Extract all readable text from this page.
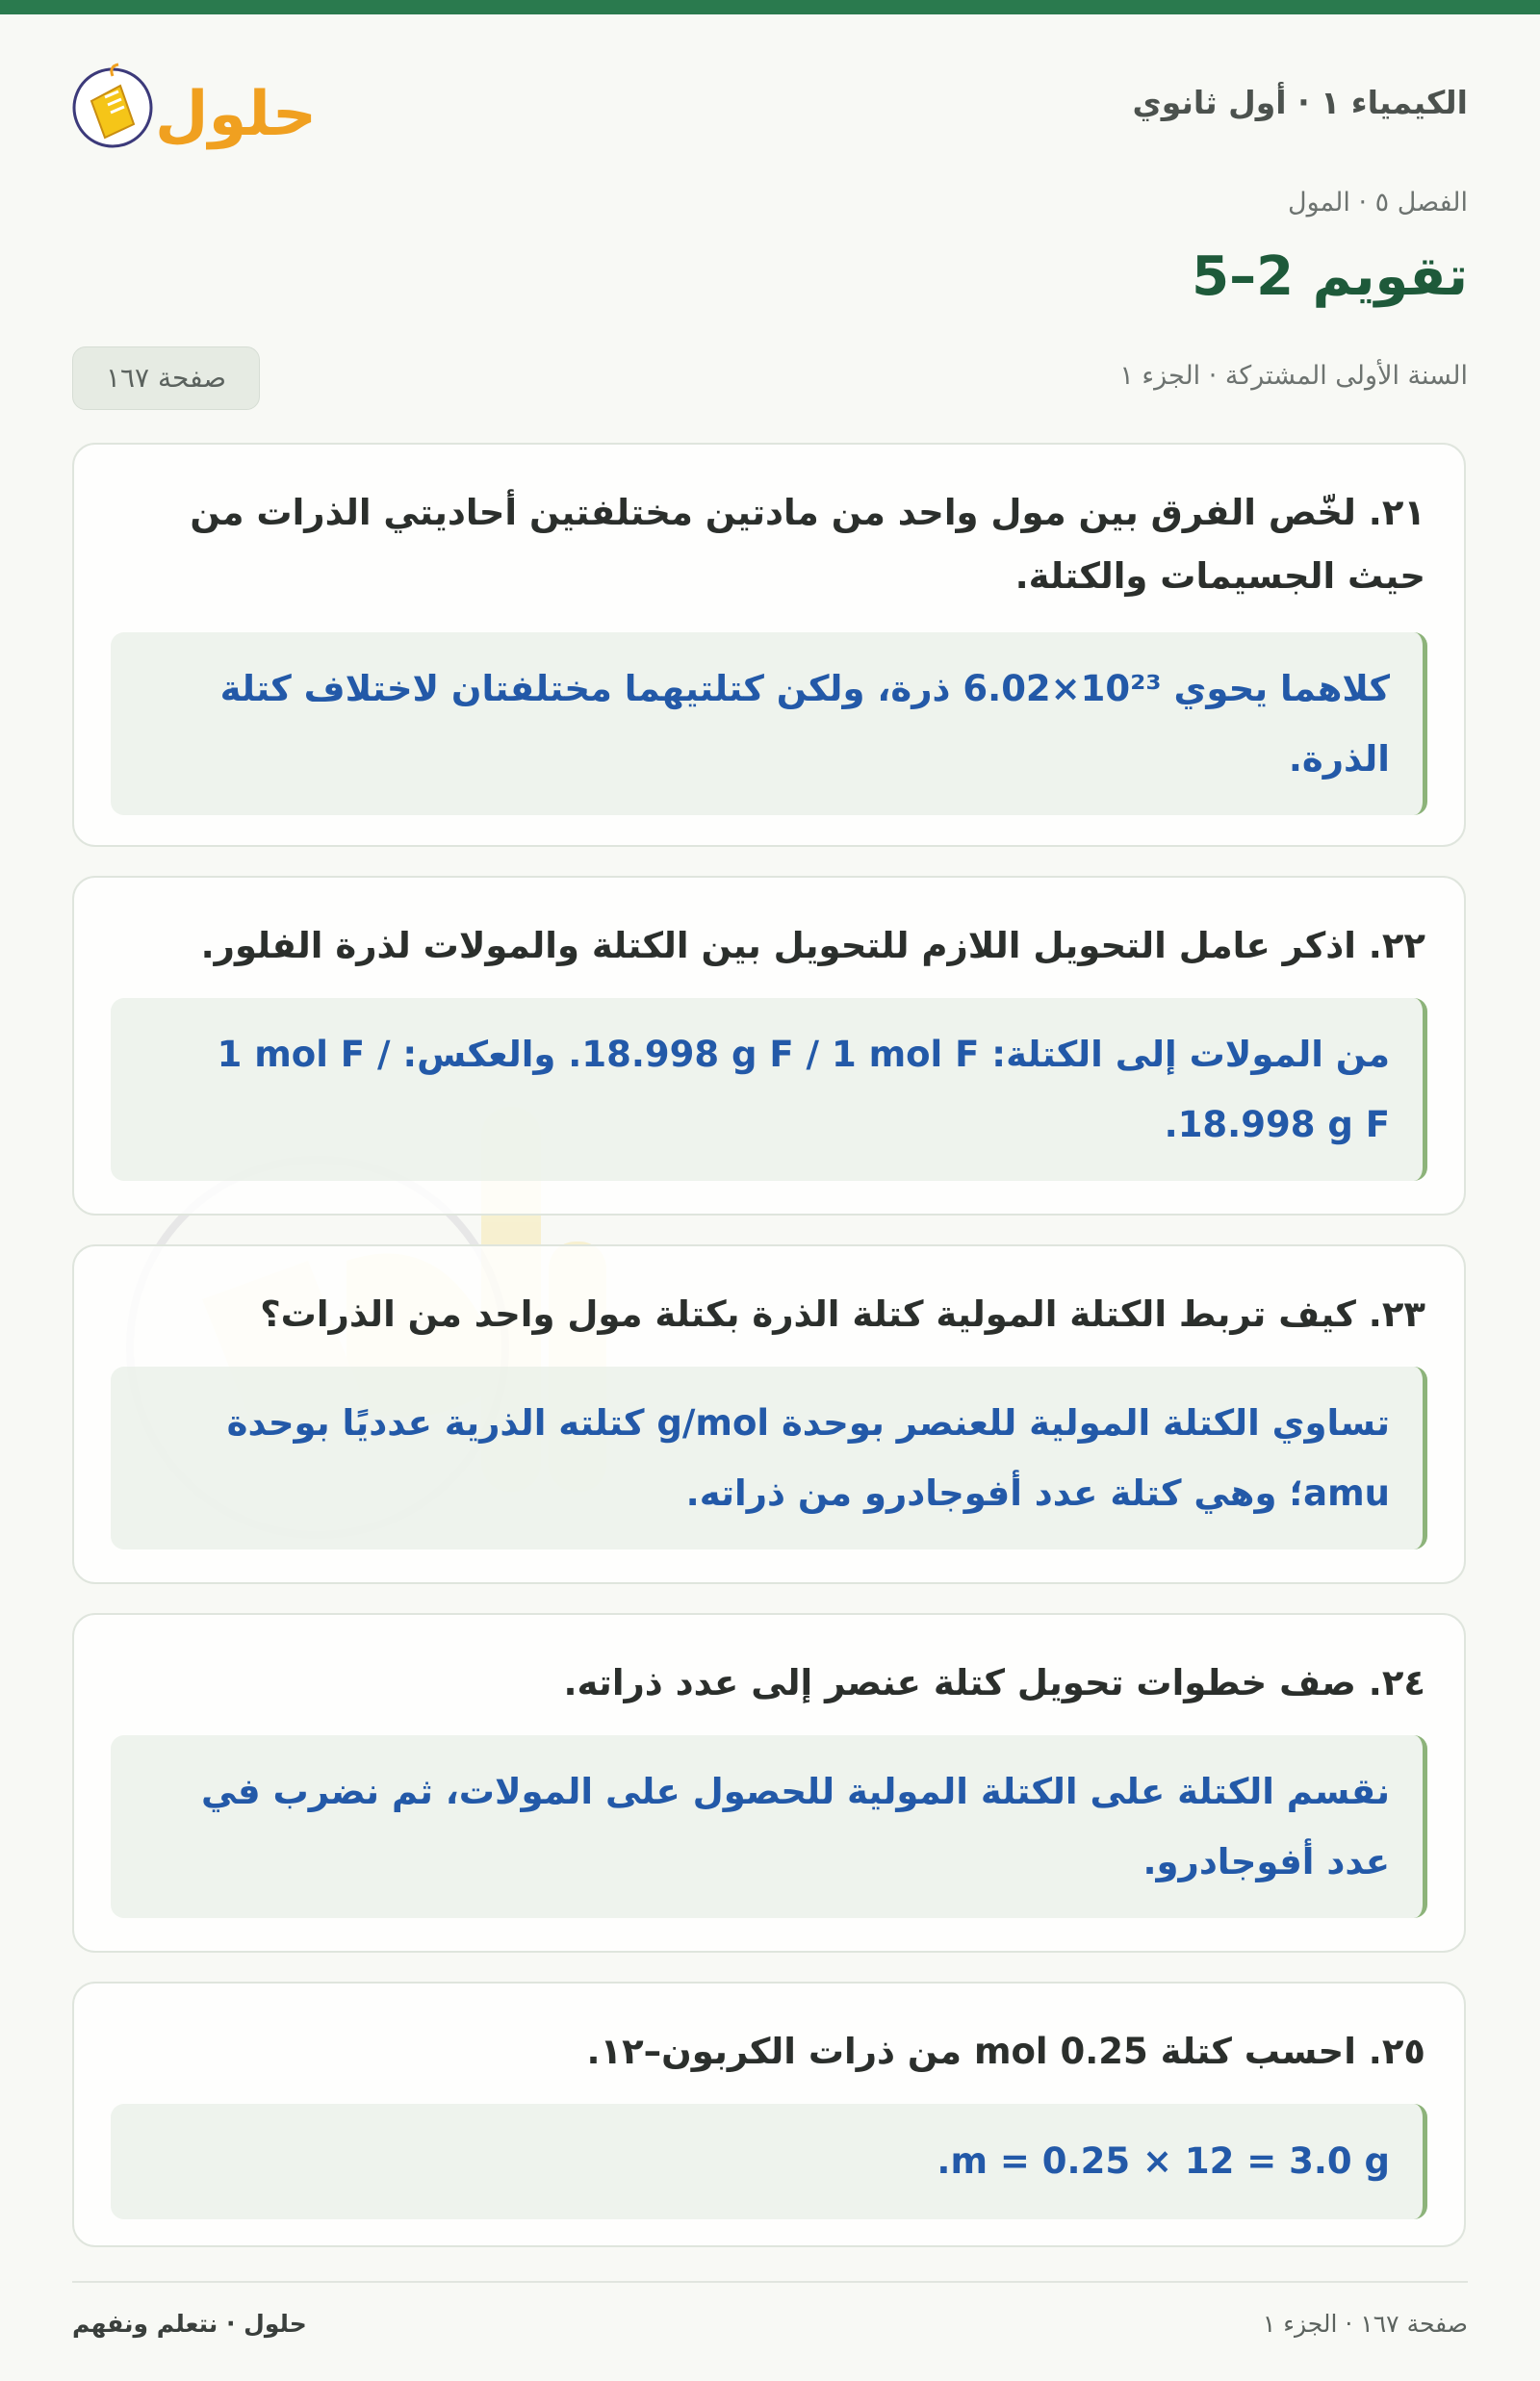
الكيمياء ١ · أول ثانوي
حلول
الفصل ٥ · المول
تقويم 2–5
السنة الأولى المشتركة · الجزء ١
صفحة ١٦٧
٢١. لخّص الفرق بين مول واحد من مادتين مختلفتين أحاديتي الذرات من حيث الجسيمات والكتلة.
كلاهما يحوي 6.02×10²³ ذرة، ولكن كتلتيهما مختلفتان لاختلاف كتلة الذرة.
٢٢. اذكر عامل التحويل اللازم للتحويل بين الكتلة والمولات لذرة الفلور.
من المولات إلى الكتلة: 18.998 g F / 1 mol F. والعكس: 1 mol F / 18.998 g F.
٢٣. كيف تربط الكتلة المولية كتلة الذرة بكتلة مول واحد من الذرات؟
تساوي الكتلة المولية للعنصر بوحدة g/mol كتلته الذرية عدديًا بوحدة amu؛ وهي كتلة عدد أفوجادرو من ذراته.
٢٤. صف خطوات تحويل كتلة عنصر إلى عدد ذراته.
نقسم الكتلة على الكتلة المولية للحصول على المولات، ثم نضرب في عدد أفوجادرو.
٢٥. احسب كتلة 0.25 mol من ذرات الكربون–١٢.
m = 0.25 × 12 = 3.0 g.
حلول · نتعلم ونفهم	صفحة ١٦٧ · الجزء ١
